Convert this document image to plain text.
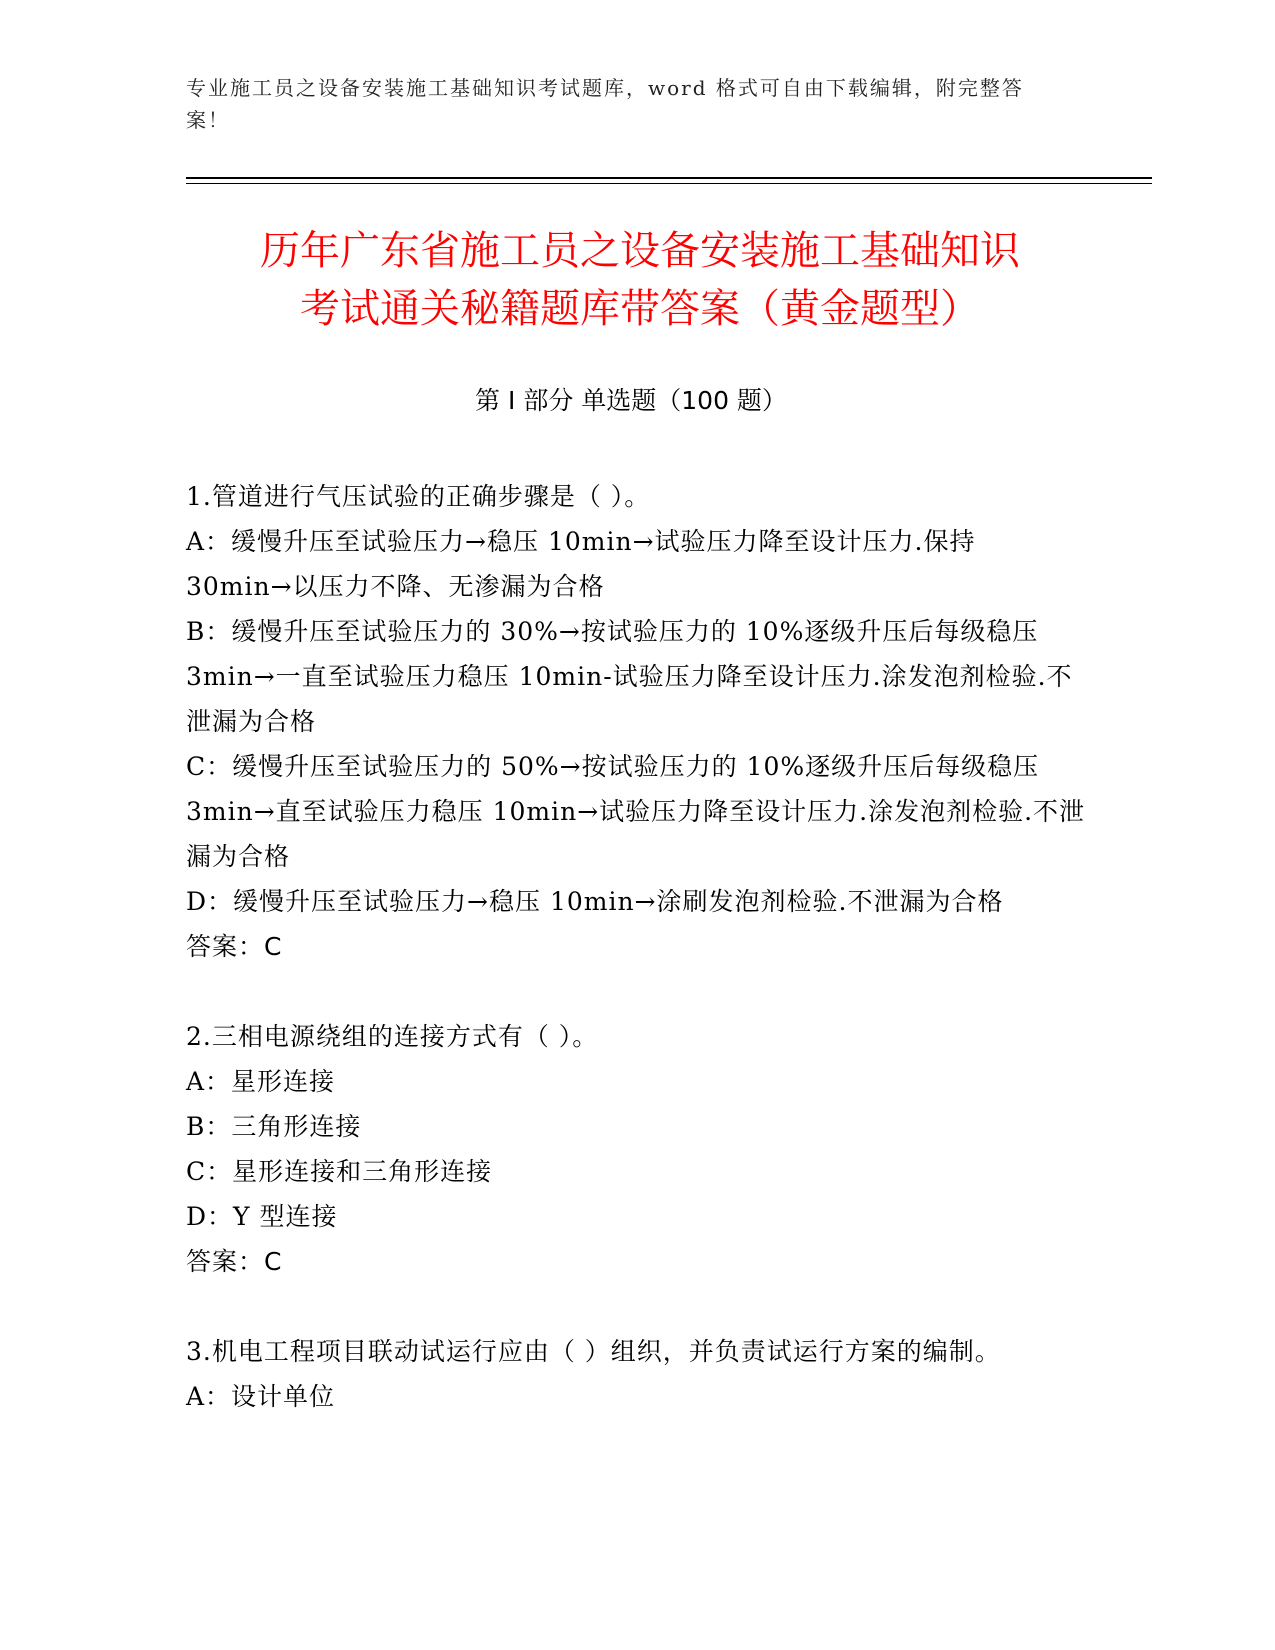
专业施工员之设备安装施工基础知识考试题库，word 格式可自由下载编辑，附完整答案！
历年广东省施工员之设备安装施工基础知识
考试通关秘籍题库带答案（黄金题型）
第 I 部分 单选题（100 题）

1.管道进行气压试验的正确步骤是（ ）。

A：缓慢升压至试验压力→稳压 10min→试验压力降至设计压力.保持 30min→以压力不降、无渗漏为合格

B：缓慢升压至试验压力的 30%→按试验压力的 10%逐级升压后每级稳压 3min→一直至试验压力稳压 10min-试验压力降至设计压力.涂发泡剂检验.不泄漏为合格

C：缓慢升压至试验压力的 50%→按试验压力的 10%逐级升压后每级稳压 3min→直至试验压力稳压 10min→试验压力降至设计压力.涂发泡剂检验.不泄漏为合格

D：缓慢升压至试验压力→稳压 10min→涂刷发泡剂检验.不泄漏为合格

答案：C

2.三相电源绕组的连接方式有（ ）。

A：星形连接

B：三角形连接

C：星形连接和三角形连接

D：Y 型连接

答案：C

3.机电工程项目联动试运行应由（ ）组织，并负责试运行方案的编制。

A：设计单位
